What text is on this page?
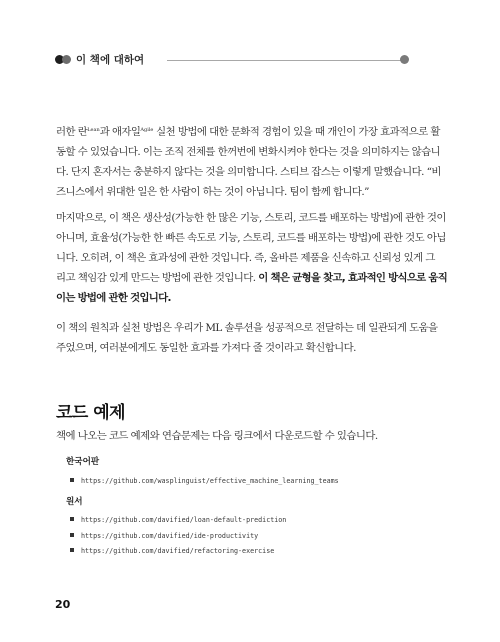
이 책에 대하여
러한 란$^{Lean}$과 애자일$^{Agile}$ 실천 방법에 대한 문화적 경험이 있을 때 개인이 가장 효과적으로 활
동할 수 있었습니다. 이는 조직 전체를 한꺼번에 변화시켜야 한다는 것을 의미하지는 않습니
다. 단지 혼자서는 충분하지 않다는 것을 의미합니다. 스티브 잡스는 이렇게 말했습니다. “비
즈니스에서 위대한 일은 한 사람이 하는 것이 아닙니다. 팀이 함께 합니다.”
마지막으로, 이 책은 생산성(가능한 한 많은 기능, 스토리, 코드를 배포하는 방법)에 관한 것이
아니며, 효율성(가능한 한 빠른 속도로 기능, 스토리, 코드를 배포하는 방법)에 관한 것도 아닙
니다. 오히려, 이 책은 효과성에 관한 것입니다. 즉, 올바른 제품을 신속하고 신뢰성 있게 그
리고 책임감 있게 만드는 방법에 관한 것입니다. 이 책은 균형을 찾고, 효과적인 방식으로 움직
이는 방법에 관한 것입니다.
이 책의 원칙과 실천 방법은 우리가 ML 솔루션을 성공적으로 전달하는 데 일관되게 도움을
주었으며, 여러분에게도 동일한 효과를 가져다 줄 것이라고 확신합니다.
코드 예제
책에 나오는 코드 예제와 연습문제는 다음 링크에서 다운로드할 수 있습니다.
한국어판
https://github.com/wasplinguist/effective_machine_learning_teams
원서
https://github.com/davified/loan-default-prediction
https://github.com/davified/ide-productivity
https://github.com/davified/refactoring-exercise
20
